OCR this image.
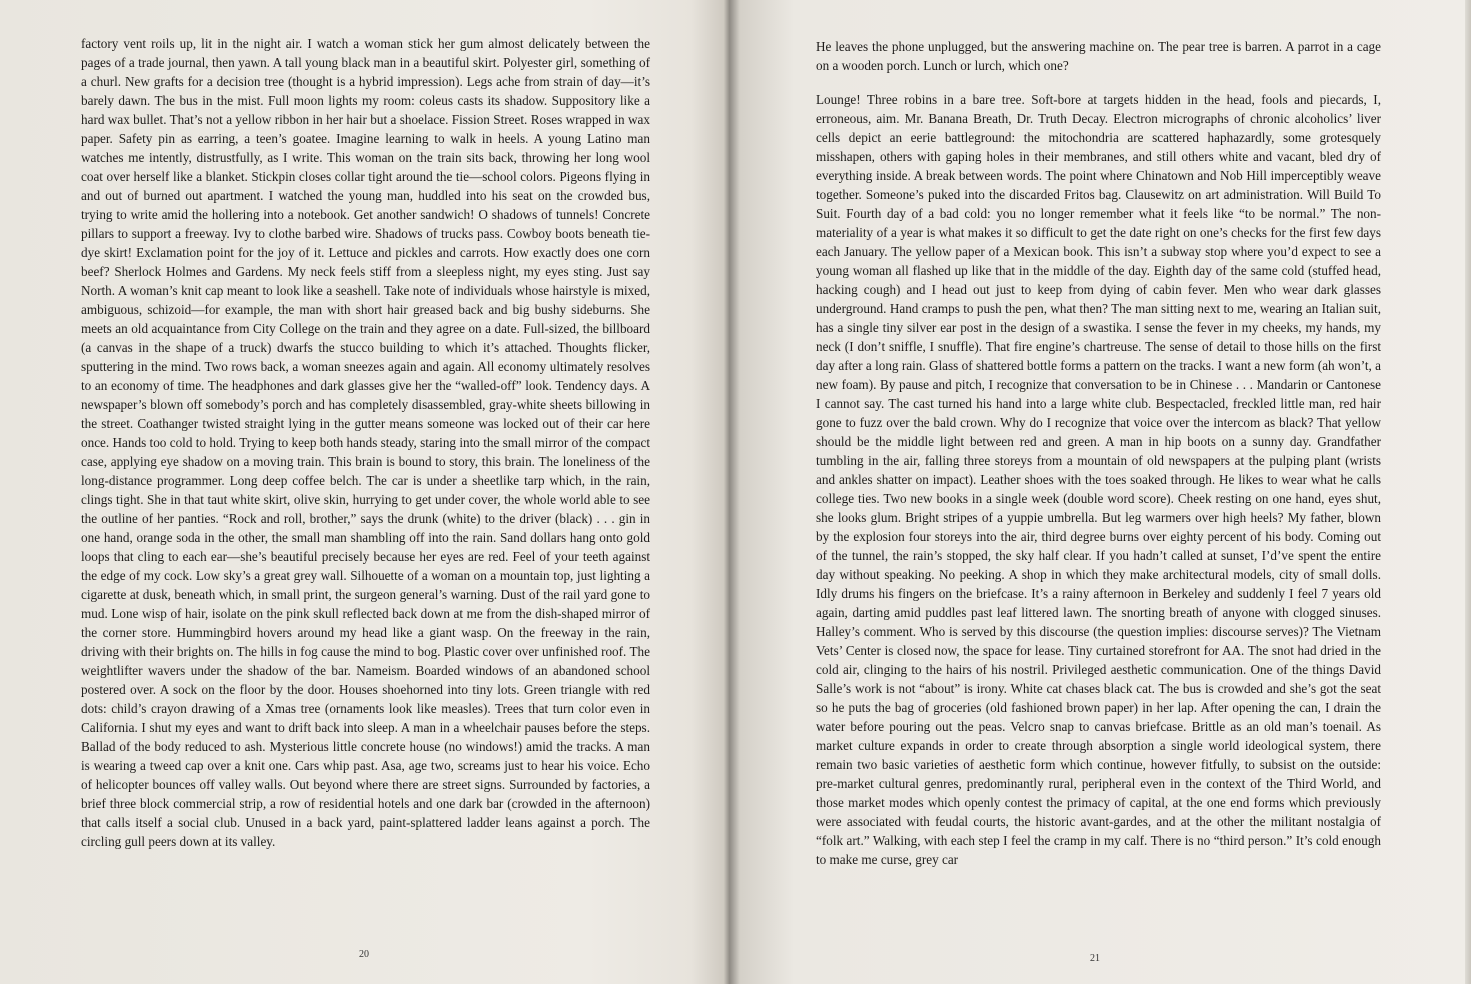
factory vent roils up, lit in the night air. I watch a woman stick her gum almost delicately between the pages of a trade journal, then yawn. A tall young black man in a beautiful skirt. Polyester girl, something of a churl. New grafts for a decision tree (thought is a hybrid impression). Legs ache from strain of day—it’s barely dawn. The bus in the mist. Full moon lights my room: coleus casts its shadow. Suppository like a hard wax bullet. That’s not a yellow ribbon in her hair but a shoelace. Fission Street. Roses wrapped in wax paper. Safety pin as earring, a teen’s goatee. Imagine learning to walk in heels. A young Latino man watches me intently, distrustfully, as I write. This woman on the train sits back, throwing her long wool coat over herself like a blanket. Stickpin closes collar tight around the tie—school colors. Pigeons flying in and out of burned out apartment. I watched the young man, huddled into his seat on the crowded bus, trying to write amid the hollering into a notebook. Get another sandwich! O shadows of tunnels! Concrete pillars to support a freeway. Ivy to clothe barbed wire. Shadows of trucks pass. Cowboy boots beneath tie-dye skirt! Exclamation point for the joy of it. Lettuce and pickles and carrots. How exactly does one corn beef? Sherlock Holmes and Gardens. My neck feels stiff from a sleepless night, my eyes sting. Just say North. A woman’s knit cap meant to look like a seashell. Take note of individuals whose hairstyle is mixed, ambiguous, schizoid—for example, the man with short hair greased back and big bushy sideburns. She meets an old acquaintance from City College on the train and they agree on a date. Full-sized, the billboard (a canvas in the shape of a truck) dwarfs the stucco building to which it’s attached. Thoughts flicker, sputtering in the mind. Two rows back, a woman sneezes again and again. All economy ultimately resolves to an economy of time. The headphones and dark glasses give her the “walled-off” look. Tendency days. A newspaper’s blown off somebody’s porch and has completely disassembled, gray-white sheets billowing in the street. Coathanger twisted straight lying in the gutter means someone was locked out of their car here once. Hands too cold to hold. Trying to keep both hands steady, staring into the small mirror of the compact case, applying eye shadow on a moving train. This brain is bound to story, this brain. The loneliness of the long-distance programmer. Long deep coffee belch. The car is under a sheetlike tarp which, in the rain, clings tight. She in that taut white skirt, olive skin, hurrying to get under cover, the whole world able to see the outline of her panties. “Rock and roll, brother,” says the drunk (white) to the driver (black) . . . gin in one hand, orange soda in the other, the small man shambling off into the rain. Sand dollars hang onto gold loops that cling to each ear—she’s beautiful precisely because her eyes are red. Feel of your teeth against the edge of my cock. Low sky’s a great grey wall. Silhouette of a woman on a mountain top, just lighting a cigarette at dusk, beneath which, in small print, the surgeon general’s warning. Dust of the rail yard gone to mud. Lone wisp of hair, isolate on the pink skull reflected back down at me from the dish-shaped mirror of the corner store. Hummingbird hovers around my head like a giant wasp. On the freeway in the rain, driving with their brights on. The hills in fog cause the mind to bog. Plastic cover over unfinished roof. The weightlifter wavers under the shadow of the bar. Nameism. Boarded windows of an abandoned school postered over. A sock on the floor by the door. Houses shoehorned into tiny lots. Green triangle with red dots: child’s crayon drawing of a Xmas tree (ornaments look like measles). Trees that turn color even in California. I shut my eyes and want to drift back into sleep. A man in a wheelchair pauses before the steps. Ballad of the body reduced to ash. Mysterious little concrete house (no windows!) amid the tracks. A man is wearing a tweed cap over a knit one. Cars whip past. Asa, age two, screams just to hear his voice. Echo of helicopter bounces off valley walls. Out beyond where there are street signs. Surrounded by factories, a brief three block commercial strip, a row of residential hotels and one dark bar (crowded in the afternoon) that calls itself a social club. Unused in a back yard, paint-splattered ladder leans against a porch. The circling gull peers down at its valley.

20

He leaves the phone unplugged, but the answering machine on. The pear tree is barren. A parrot in a cage on a wooden porch. Lunch or lurch, which one?

Lounge! Three robins in a bare tree. Soft-bore at targets hidden in the head, fools and piecards, I, erroneous, aim. Mr. Banana Breath, Dr. Truth Decay. Electron micrographs of chronic alcoholics’ liver cells depict an eerie battleground: the mitochondria are scattered haphazardly, some grotesquely misshapen, others with gaping holes in their membranes, and still others white and vacant, bled dry of everything inside. A break between words. The point where Chinatown and Nob Hill imperceptibly weave together. Someone’s puked into the discarded Fritos bag. Clausewitz on art administration. Will Build To Suit. Fourth day of a bad cold: you no longer remember what it feels like “to be normal.” The non-materiality of a year is what makes it so difficult to get the date right on one’s checks for the first few days each January. The yellow paper of a Mexican book. This isn’t a subway stop where you’d expect to see a young woman all flashed up like that in the middle of the day. Eighth day of the same cold (stuffed head, hacking cough) and I head out just to keep from dying of cabin fever. Men who wear dark glasses underground. Hand cramps to push the pen, what then? The man sitting next to me, wearing an Italian suit, has a single tiny silver ear post in the design of a swastika. I sense the fever in my cheeks, my hands, my neck (I don’t sniffle, I snuffle). That fire engine’s chartreuse. The sense of detail to those hills on the first day after a long rain. Glass of shattered bottle forms a pattern on the tracks. I want a new form (ah won’t, a new foam). By pause and pitch, I recognize that conversation to be in Chinese . . . Mandarin or Cantonese I cannot say. The cast turned his hand into a large white club. Bespectacled, freckled little man, red hair gone to fuzz over the bald crown. Why do I recognize that voice over the intercom as black? That yellow should be the middle light between red and green. A man in hip boots on a sunny day. Grandfather tumbling in the air, falling three storeys from a mountain of old newspapers at the pulping plant (wrists and ankles shatter on impact). Leather shoes with the toes soaked through. He likes to wear what he calls college ties. Two new books in a single week (double word score). Cheek resting on one hand, eyes shut, she looks glum. Bright stripes of a yuppie umbrella. But leg warmers over high heels? My father, blown by the explosion four storeys into the air, third degree burns over eighty percent of his body. Coming out of the tunnel, the rain’s stopped, the sky half clear. If you hadn’t called at sunset, I’d’ve spent the entire day without speaking. No peeking. A shop in which they make architectural models, city of small dolls. Idly drums his fingers on the briefcase. It’s a rainy afternoon in Berkeley and suddenly I feel 7 years old again, darting amid puddles past leaf littered lawn. The snorting breath of anyone with clogged sinuses. Halley’s comment. Who is served by this discourse (the question implies: discourse serves)? The Vietnam Vets’ Center is closed now, the space for lease. Tiny curtained storefront for AA. The snot had dried in the cold air, clinging to the hairs of his nostril. Privileged aesthetic communication. One of the things David Salle’s work is not “about” is irony. White cat chases black cat. The bus is crowded and she’s got the seat so he puts the bag of groceries (old fashioned brown paper) in her lap. After opening the can, I drain the water before pouring out the peas. Velcro snap to canvas briefcase. Brittle as an old man’s toenail. As market culture expands in order to create through absorption a single world ideological system, there remain two basic varieties of aesthetic form which continue, however fitfully, to subsist on the outside: pre-market cultural genres, predominantly rural, peripheral even in the context of the Third World, and those market modes which openly contest the primacy of capital, at the one end forms which previously were associated with feudal courts, the historic avant-gardes, and at the other the militant nostalgia of “folk art.” Walking, with each step I feel the cramp in my calf. There is no “third person.” It’s cold enough to make me curse, grey car

21
